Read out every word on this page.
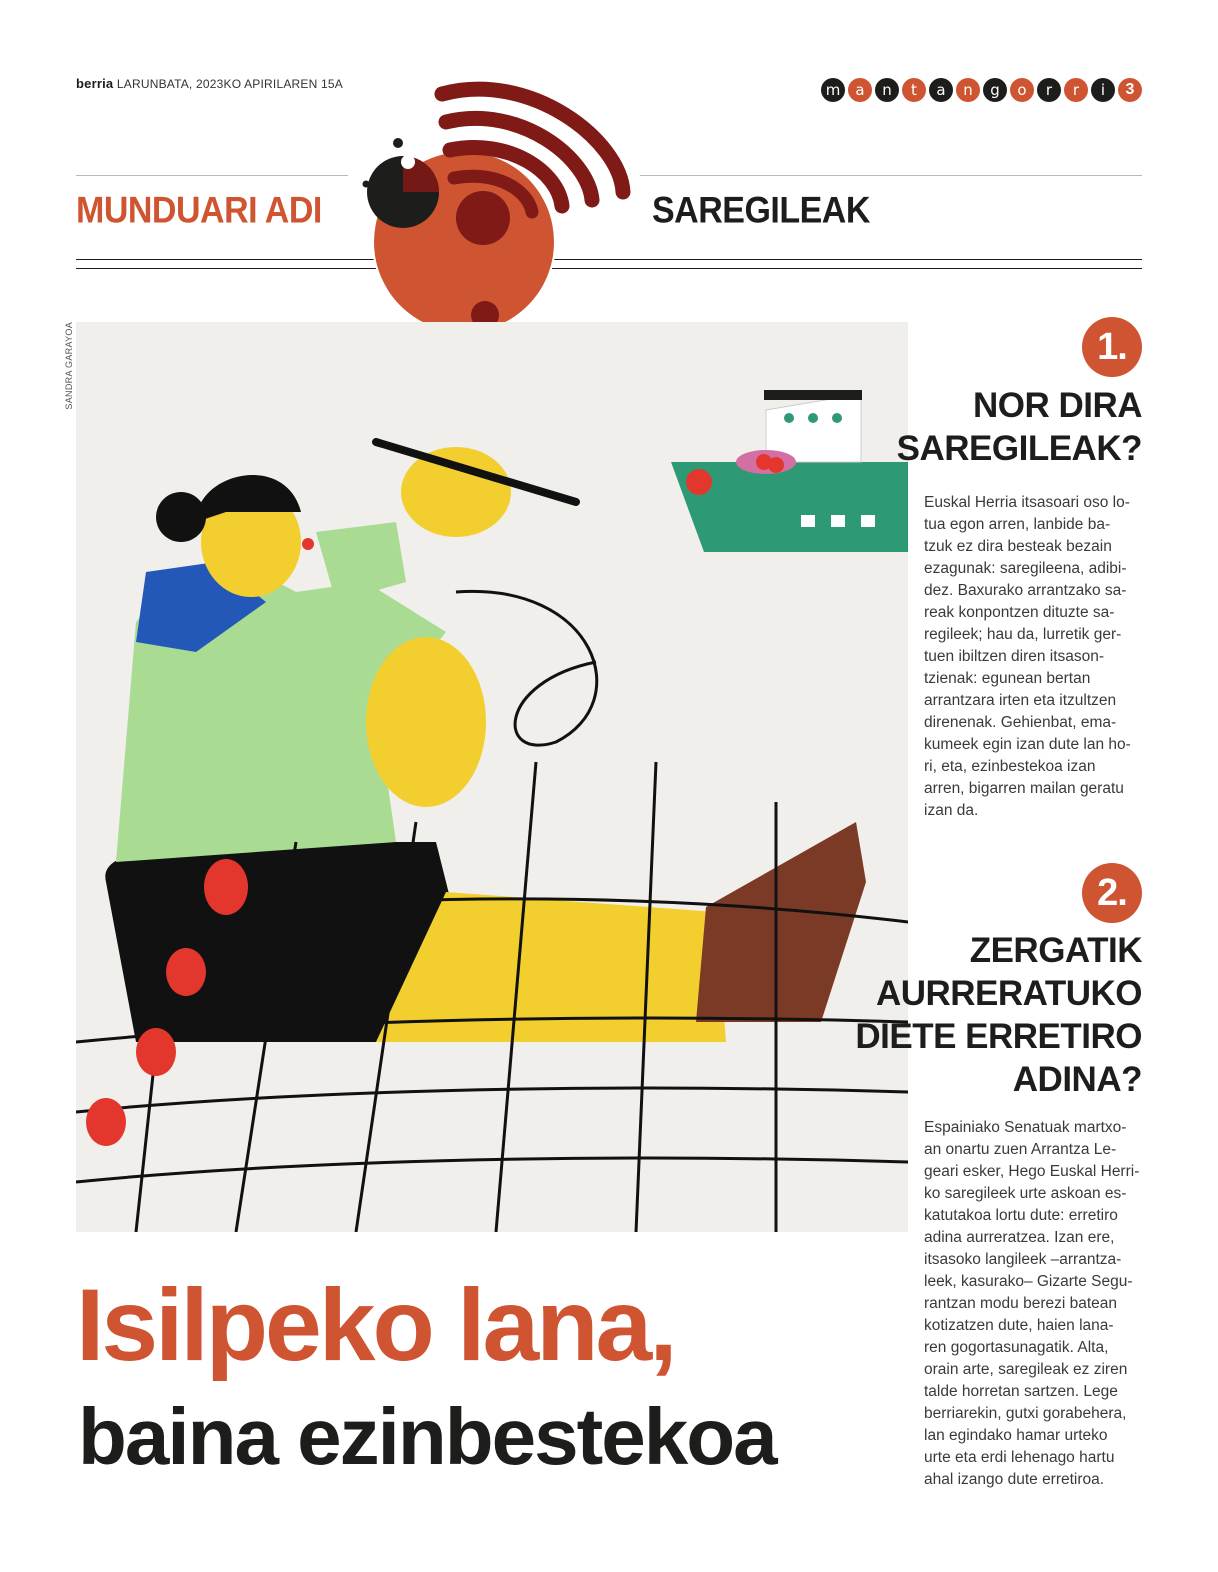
berria LARUNBATA, 2023KO APIRILAREN 15A	m	a	n	t	a	n	g	o	r	r	i	3
MUNDUARI ADI	SAREGILEAK
SANDRA GARAYOA	1.
NOR DIRA
SAREGILEAK?
Euskal Herria itsasoari oso lo-
tua egon arren, lanbide ba-
tzuk ez dira besteak bezain
ezagunak: saregileena, adibi-
dez. Baxurako arrantzako sa-
reak konpontzen dituzte sa-
regileek; hau da, lurretik ger-
tuen ibiltzen diren itsason-
tzienak: egunean bertan
arrantzara irten eta itzultzen
direnenak. Gehienbat, ema-
kumeek egin izan dute lan ho-
ri, eta, ezinbestekoa izan
arren, bigarren mailan geratu
izan da.
2.
ZERGATIK
AURRERATUKO
DIETE ERRETIRO
ADINA?
Espainiako Senatuak martxo-
an onartu zuen Arrantza Le-
geari esker, Hego Euskal Herri-
ko saregileek urte askoan es-
katutakoa lortu dute: erretiro
adina aurreratzea. Izan ere,
itsasoko langileek –arrantza-
leek, kasurako– Gizarte Segu-
rantzan modu berezi batean
kotizatzen dute, haien lana-
ren gogortasunagatik. Alta,
orain arte, saregileak ez ziren
talde horretan sartzen. Lege
berriarekin, gutxi gorabehera,
lan egindako hamar urteko
urte eta erdi lehenago hartu
ahal izango dute erretiroa.
Isilpeko lana,
baina ezinbestekoa
